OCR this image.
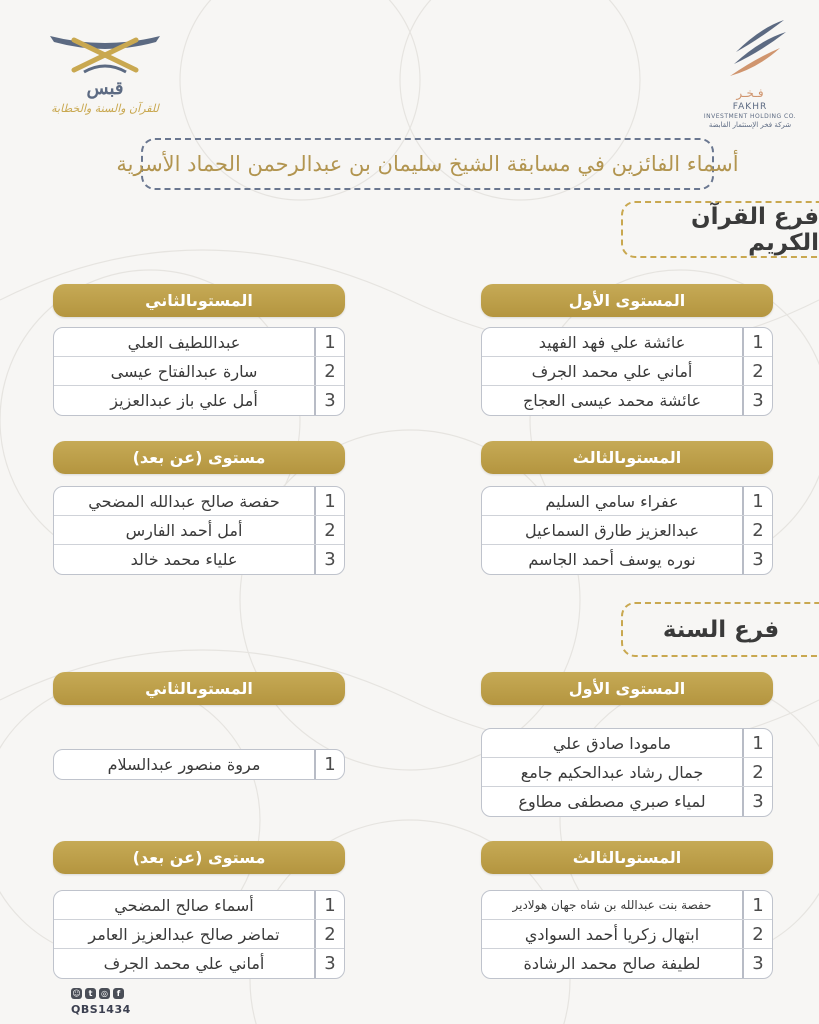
قبس
للقرآن والسنة والخطابة
فـخـر
FAKHR
INVESTMENT HOLDING CO.
شركة فخر الإستثمار القابضة
أسماء الفائزين في مسابقة الشيخ سليمان بن عبدالرحمن الحماد الأسرية
فرع القرآن الكريم
المستوى الأول
1
عائشة علي فهد الفهيد
2
أماني علي محمد الجرف
3
عائشة محمد عيسى العجاج
المستوىالثاني
1
عبداللطيف العلي
2
سارة عبدالفتاح عيسى
3
أمل علي باز عبدالعزيز
المستوىالثالث
1
عفراء سامي السليم
2
عبدالعزيز طارق السماعيل
3
نوره يوسف أحمد الجاسم
مستوى (عن بعد)
1
حفصة صالح عبدالله المضحي
2
أمل أحمد الفارس
3
علياء محمد خالد
فرع السنة
المستوى الأول
1
مامودا صادق علي
2
جمال رشاد عبدالحكيم جامع
3
لمياء صبري مصطفى مطاوع
المستوىالثاني
1
مروة منصور عبدالسلام
المستوىالثالث
1
حفصة بنت عبدالله بن شاه جهان هولادير
2
ابتهال زكريا أحمد السوادي
3
لطيفة صالح محمد الرشادة
مستوى (عن بعد)
1
أسماء صالح المضحي
2
تماضر صالح عبدالعزيز العامر
3
أماني علي محمد الجرف
☺ t	◎	f
QBS1434
